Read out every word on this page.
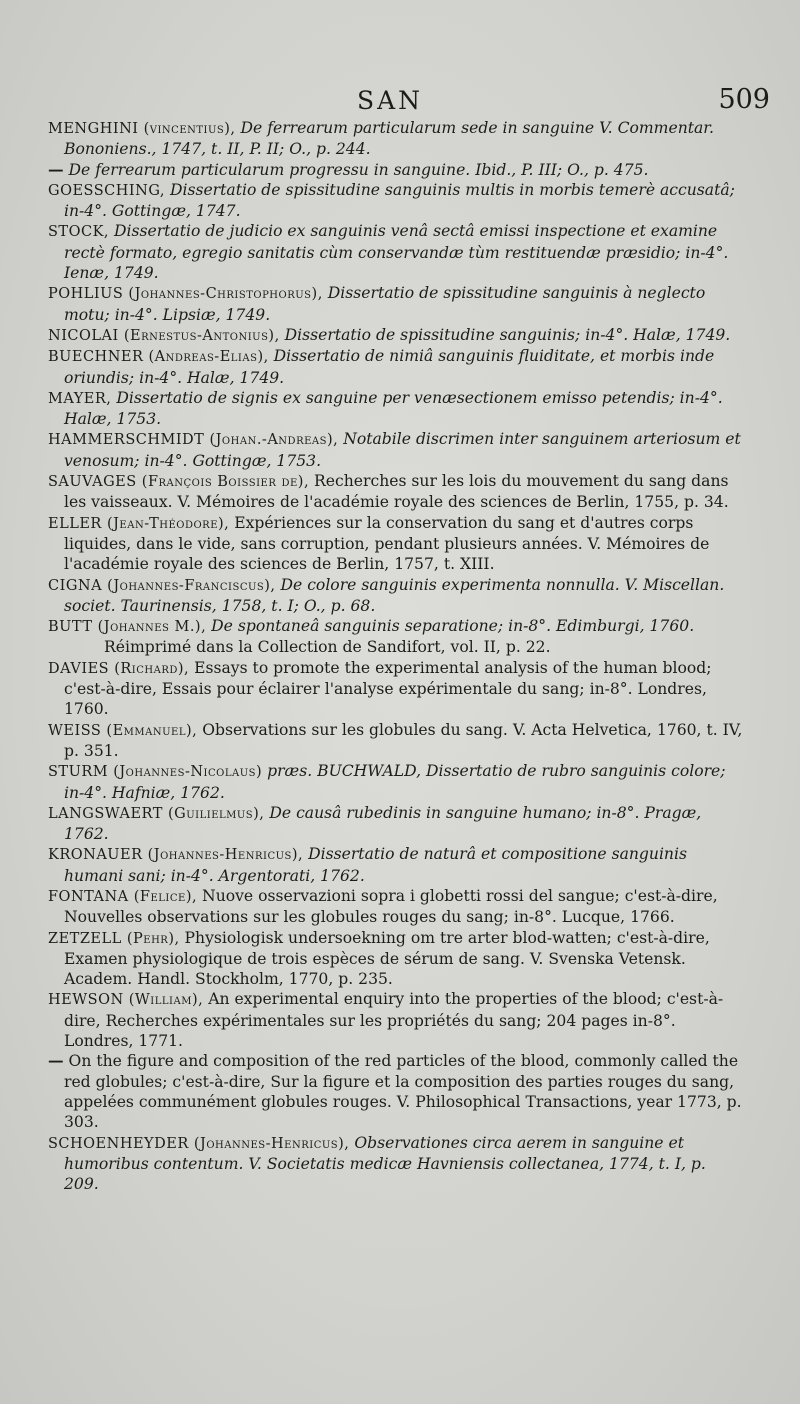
SAN	509

MENGHINI (vincentius), De ferrearum particularum sede in sanguine V. Commentar. Bononiens., 1747, t. II, P. II; O., p. 244.

— De ferrearum particularum progressu in sanguine. Ibid., P. III; O., p. 475.

GOESSCHING, Dissertatio de spissitudine sanguinis multis in morbis temerè accusatâ; in-4°. Gottingæ, 1747.

STOCK, Dissertatio de judicio ex sanguinis venâ sectâ emissi inspectione et examine rectè formato, egregio sanitatis cùm conservandæ tùm restituendæ præsidio; in-4°. Ienæ, 1749.

POHLIUS (Johannes-Christophorus), Dissertatio de spissitudine sanguinis à neglecto motu; in-4°. Lipsiæ, 1749.

NICOLAI (Ernestus-Antonius), Dissertatio de spissitudine sanguinis; in-4°. Halæ, 1749.

BUECHNER (Andreas-Elias), Dissertatio de nimiâ sanguinis fluiditate, et morbis inde oriundis; in-4°. Halæ, 1749.

MAYER, Dissertatio de signis ex sanguine per venæsectionem emisso petendis; in-4°. Halæ, 1753.

HAMMERSCHMIDT (Johan.-Andreas), Notabile discrimen inter sanguinem arteriosum et venosum; in-4°. Gottingæ, 1753.

SAUVAGES (François Boissier de), Recherches sur les lois du mouvement du sang dans les vaisseaux. V. Mémoires de l'académie royale des sciences de Berlin, 1755, p. 34.

ELLER (Jean-Théodore), Expériences sur la conservation du sang et d'autres corps liquides, dans le vide, sans corruption, pendant plusieurs années. V. Mémoires de l'académie royale des sciences de Berlin, 1757, t. XIII.

CIGNA (Johannes-Franciscus), De colore sanguinis experimenta nonnulla. V. Miscellan. societ. Taurinensis, 1758, t. I; O., p. 68.

BUTT (Johannes M.), De spontaneâ sanguinis separatione; in-8°. Edimburgi, 1760.

Réimprimé dans la Collection de Sandifort, vol. II, p. 22.

DAVIES (Richard), Essays to promote the experimental analysis of the human blood; c'est-à-dire, Essais pour éclairer l'analyse expérimentale du sang; in-8°. Londres, 1760.

WEISS (Emmanuel), Observations sur les globules du sang. V. Acta Helvetica, 1760, t. IV, p. 351.

STURM (Johannes-Nicolaus) præs. BUCHWALD, Dissertatio de rubro sanguinis colore; in-4°. Hafniæ, 1762.

LANGSWAERT (Guilielmus), De causâ rubedinis in sanguine humano; in-8°. Pragæ, 1762.

KRONAUER (Johannes-Henricus), Dissertatio de naturâ et compositione sanguinis humani sani; in-4°. Argentorati, 1762.

FONTANA (Felice), Nuove osservazioni sopra i globetti rossi del sangue; c'est-à-dire, Nouvelles observations sur les globules rouges du sang; in-8°. Lucque, 1766.

ZETZELL (Pehr), Physiologisk undersoekning om tre arter blod-watten; c'est-à-dire, Examen physiologique de trois espèces de sérum de sang. V. Svenska Vetensk. Academ. Handl. Stockholm, 1770, p. 235.

HEWSON (William), An experimental enquiry into the properties of the blood; c'est-à-dire, Recherches expérimentales sur les propriétés du sang; 204 pages in-8°. Londres, 1771.

— On the figure and composition of the red particles of the blood, commonly called the red globules; c'est-à-dire, Sur la figure et la composition des parties rouges du sang, appelées communément globules rouges. V. Philosophical Transactions, year 1773, p. 303.

SCHOENHEYDER (Johannes-Henricus), Observationes circa aerem in sanguine et humoribus contentum. V. Societatis medicæ Havniensis collectanea, 1774, t. I, p. 209.
